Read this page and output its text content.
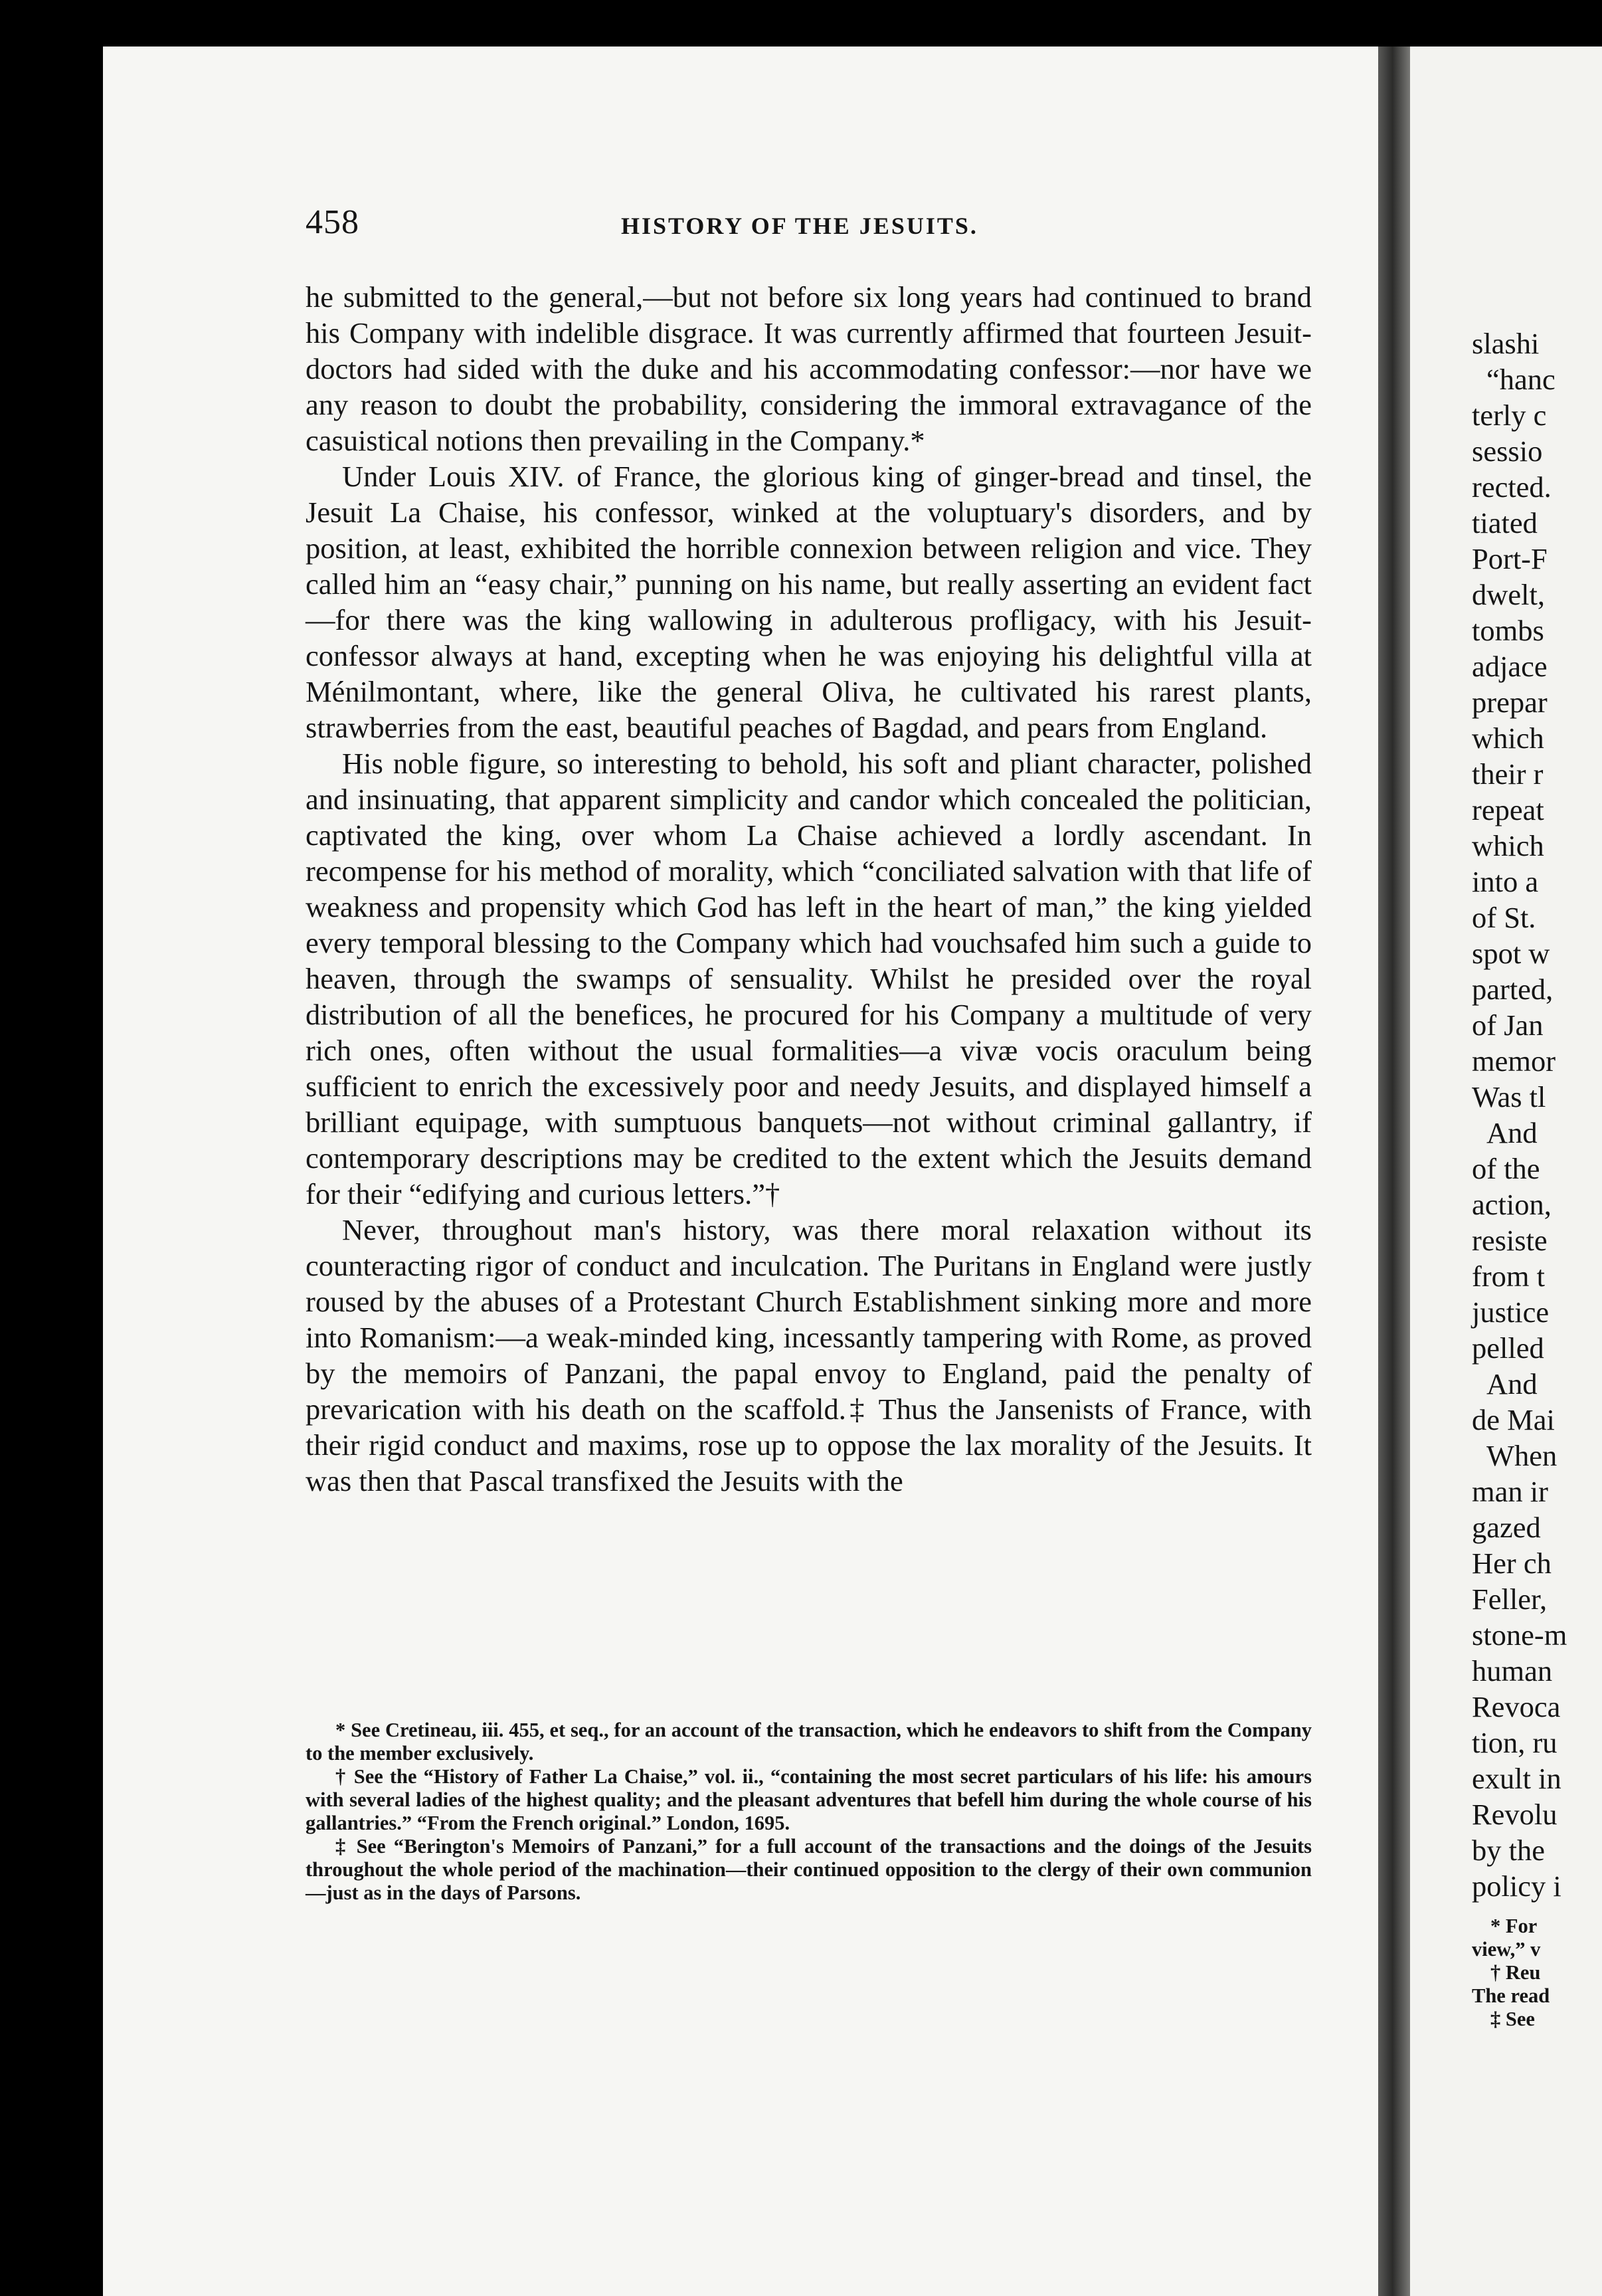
slashi
“hanc
terly c
sessio
rected.
tiated
Port-F
dwelt,
tombs
adjace
prepar
which
their r
repeat
which
into a
of St.
spot w
parted,
of Jan
memor
Was tl
And
of the
action,
resiste
from t
justice
pelled
And
de Mai
When
man ir
gazed
Her ch
Feller,
stone-m
human
Revoca
tion, ru
exult in
Revolu
by the
policy i
* For
view,” v
† Reu
The read
‡ See
458	HISTORY OF THE JESUITS.

he submitted to the general,—but not before six long years had continued to brand his Company with indelible disgrace. It was currently affirmed that fourteen Jesuit-doctors had sided with the duke and his accommodating confessor:—nor have we any reason to doubt the probability, considering the immoral extravagance of the casuistical notions then prevailing in the Company.*

Under Louis XIV. of France, the glorious king of ginger-bread and tinsel, the Jesuit La Chaise, his confessor, winked at the voluptuary's disorders, and by position, at least, exhibited the horrible connexion between religion and vice. They called him an “easy chair,” punning on his name, but really asserting an evident fact—for there was the king wallowing in adulterous profligacy, with his Jesuit-confessor always at hand, excepting when he was enjoying his delightful villa at Ménilmontant, where, like the general Oliva, he cultivated his rarest plants, strawberries from the east, beautiful peaches of Bagdad, and pears from England.

His noble figure, so interesting to behold, his soft and pliant character, polished and insinuating, that apparent simplicity and candor which concealed the politician, captivated the king, over whom La Chaise achieved a lordly ascendant. In recompense for his method of morality, which “conciliated salvation with that life of weakness and propensity which God has left in the heart of man,” the king yielded every temporal blessing to the Company which had vouchsafed him such a guide to heaven, through the swamps of sensuality. Whilst he presided over the royal distribution of all the benefices, he procured for his Company a multitude of very rich ones, often without the usual formalities—a vivæ vocis oraculum being sufficient to enrich the excessively poor and needy Jesuits, and displayed himself a brilliant equipage, with sumptuous banquets—not without criminal gallantry, if contemporary descriptions may be credited to the extent which the Jesuits demand for their “edifying and curious letters.”†

Never, throughout man's history, was there moral relaxation without its counteracting rigor of conduct and inculcation. The Puritans in England were justly roused by the abuses of a Protestant Church Establishment sinking more and more into Romanism:—a weak-minded king, incessantly tampering with Rome, as proved by the memoirs of Panzani, the papal envoy to England, paid the penalty of prevarication with his death on the scaffold.‡ Thus the Jansenists of France, with their rigid conduct and maxims, rose up to oppose the lax morality of the Jesuits. It was then that Pascal transfixed the Jesuits with the

* See Cretineau, iii. 455, et seq., for an account of the transaction, which he endeavors to shift from the Company to the member exclusively.

† See the “History of Father La Chaise,” vol. ii., “containing the most secret particulars of his life: his amours with several ladies of the highest quality; and the pleasant adventures that befell him during the whole course of his gallantries.” “From the French original.” London, 1695.

‡ See “Berington's Memoirs of Panzani,” for a full account of the transactions and the doings of the Jesuits throughout the whole period of the machination—their continued opposition to the clergy of their own communion—just as in the days of Parsons.
